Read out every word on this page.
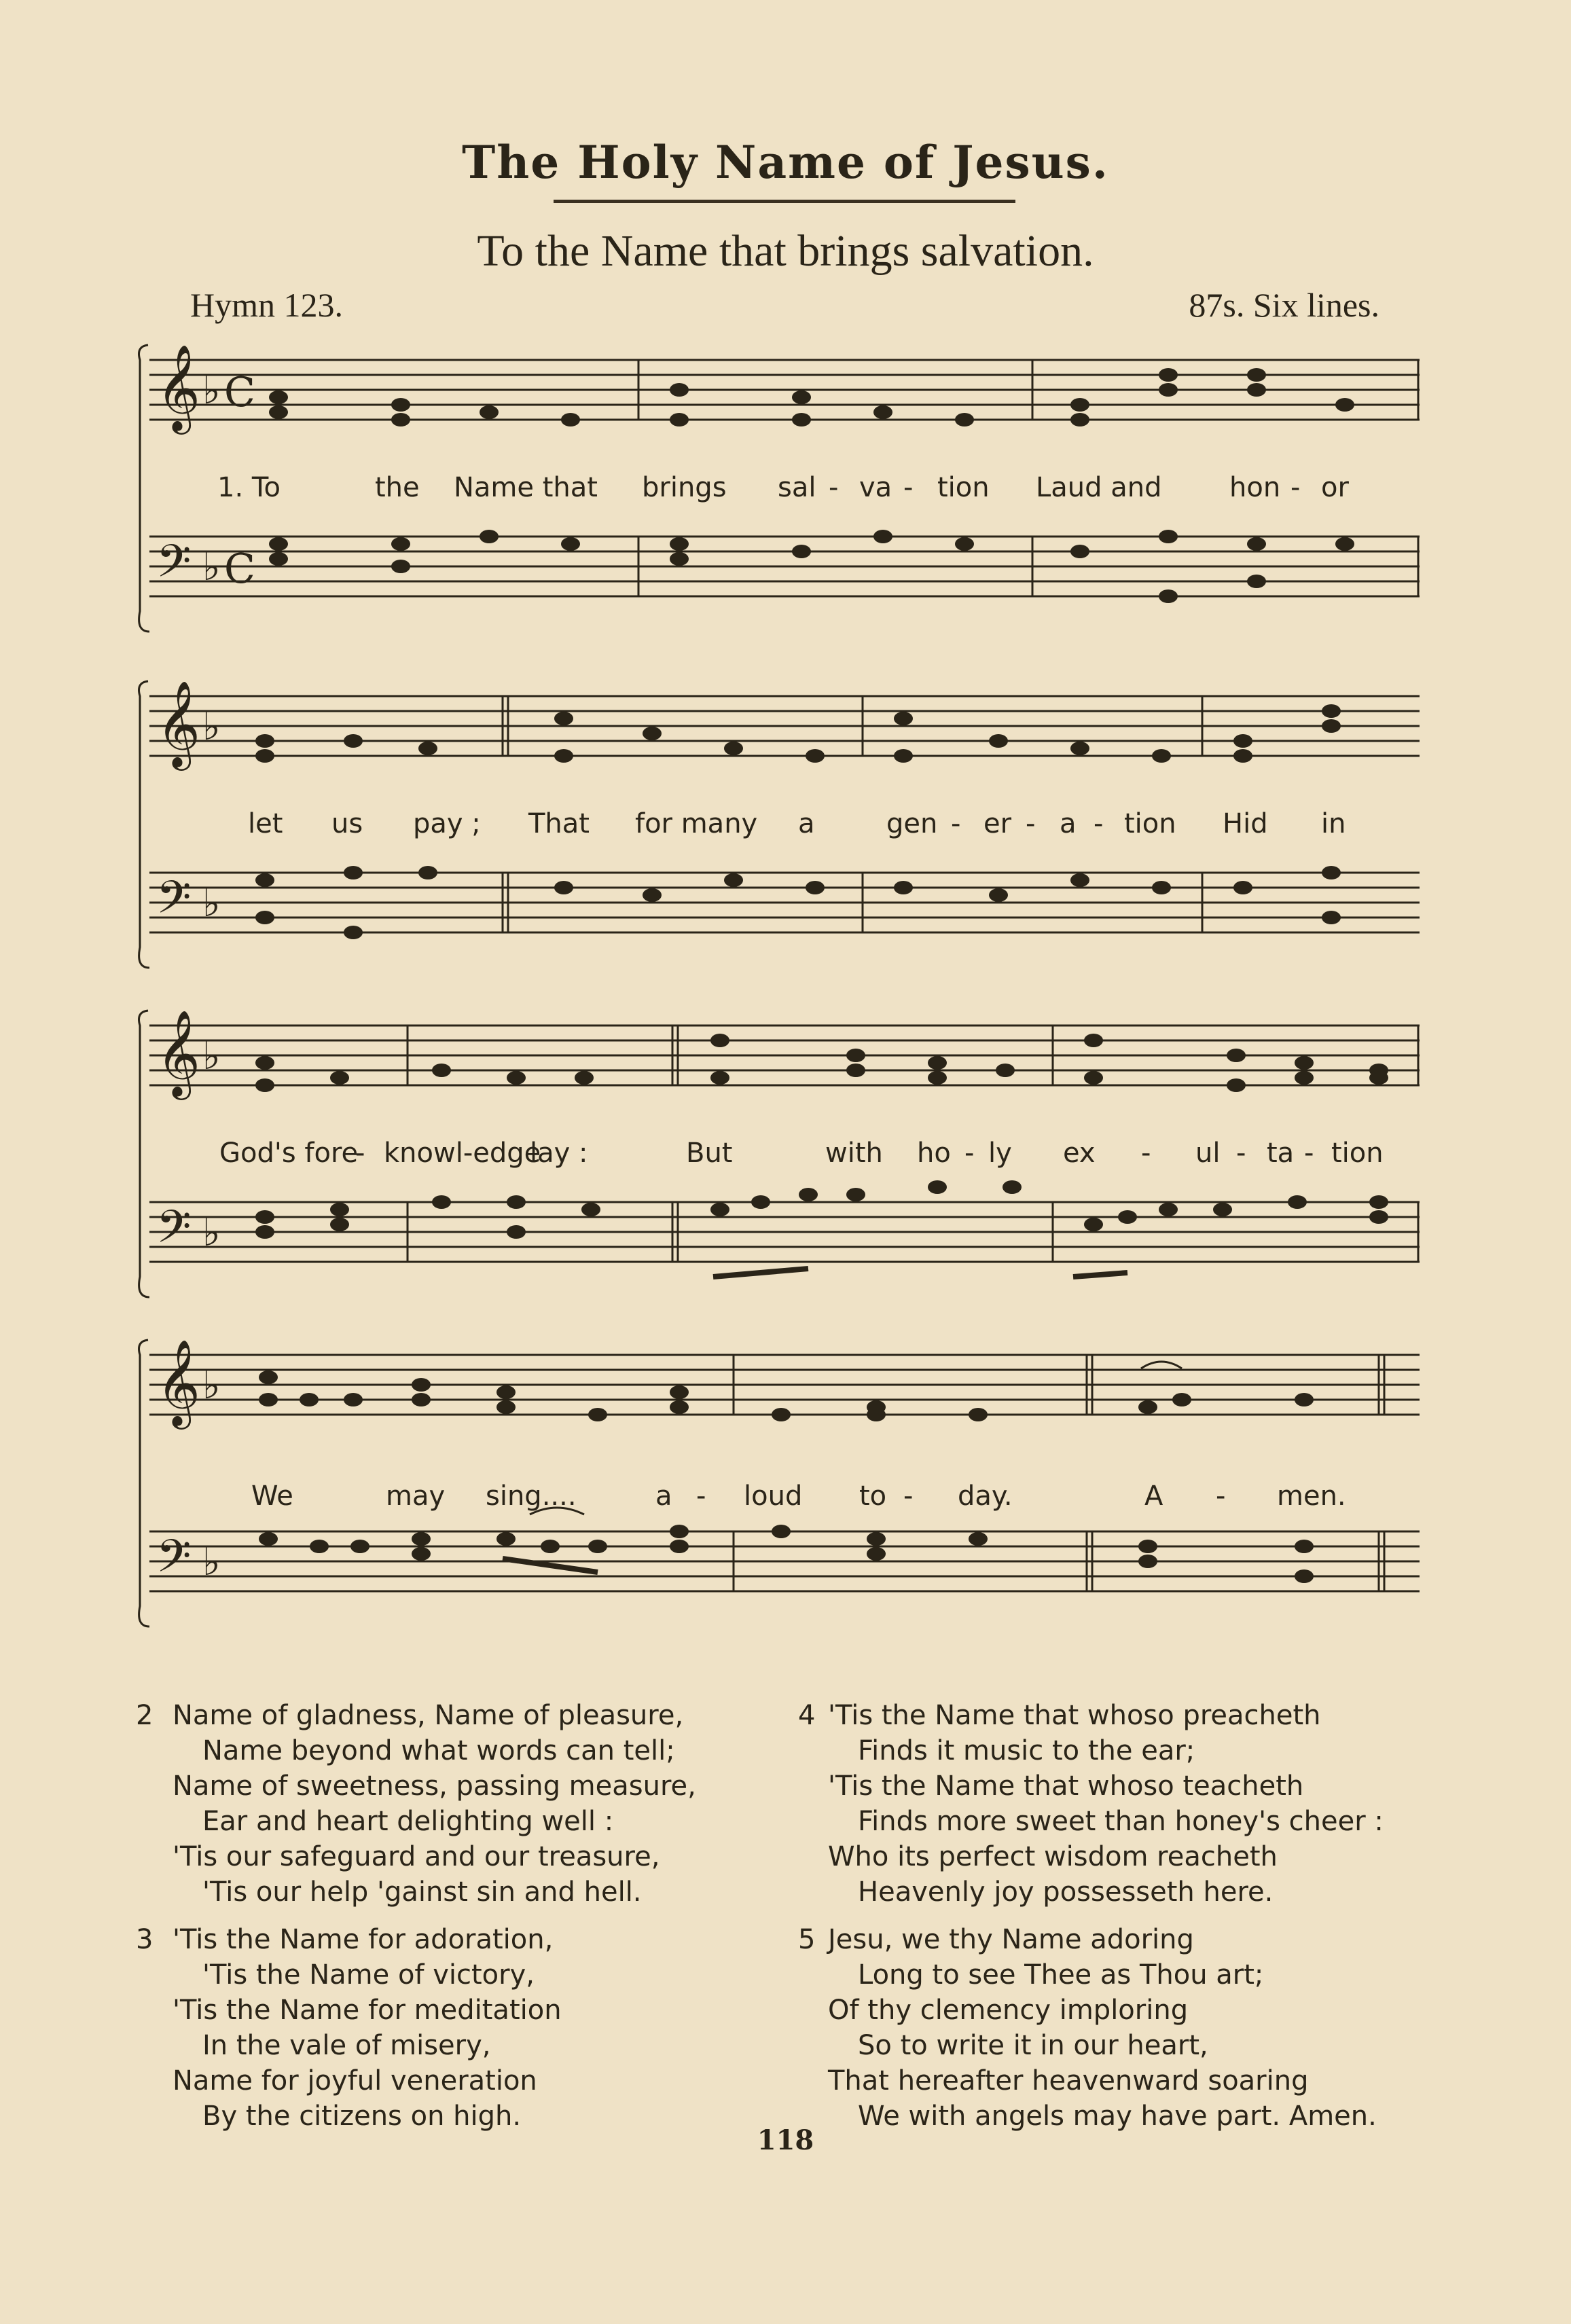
The Holy Name of Jesus.
To the Name that brings salvation.
Hymn 123.	87s. Six lines.
𝄞
𝄢
♭
♭
C
C
1. To	the Name that brings sal - va - tion Laud and hon - or
𝄞
𝄢
♭
♭
let us pay ; That for many a	gen - er - a - tion Hid in
𝄞
𝄢
♭
♭
God's fore
- knowl-edge
lay :	But	with ho - ly ex - ul - ta - tion
𝄞
𝄢
♭
♭
We	may sing....	a - loud to - day.	A - men.
2 Name of gladness, Name of pleasure,
Name beyond what words can tell;
Name of sweetness, passing measure,
Ear and heart delighting well :
'Tis our safeguard and our treasure,
'Tis our help 'gainst sin and hell.
3 'Tis the Name for adoration,
'Tis the Name of victory,
'Tis the Name for meditation
In the vale of misery,
Name for joyful veneration
By the citizens on high.
4 'Tis the Name that whoso preacheth
Finds it music to the ear;
'Tis the Name that whoso teacheth
Finds more sweet than honey's cheer :
Who its perfect wisdom reacheth
Heavenly joy possesseth here.
5 Jesu, we thy Name adoring
Long to see Thee as Thou art;
Of thy clemency imploring
So to write it in our heart,
That hereafter heavenward soaring
We with angels may have part. Amen.
118
